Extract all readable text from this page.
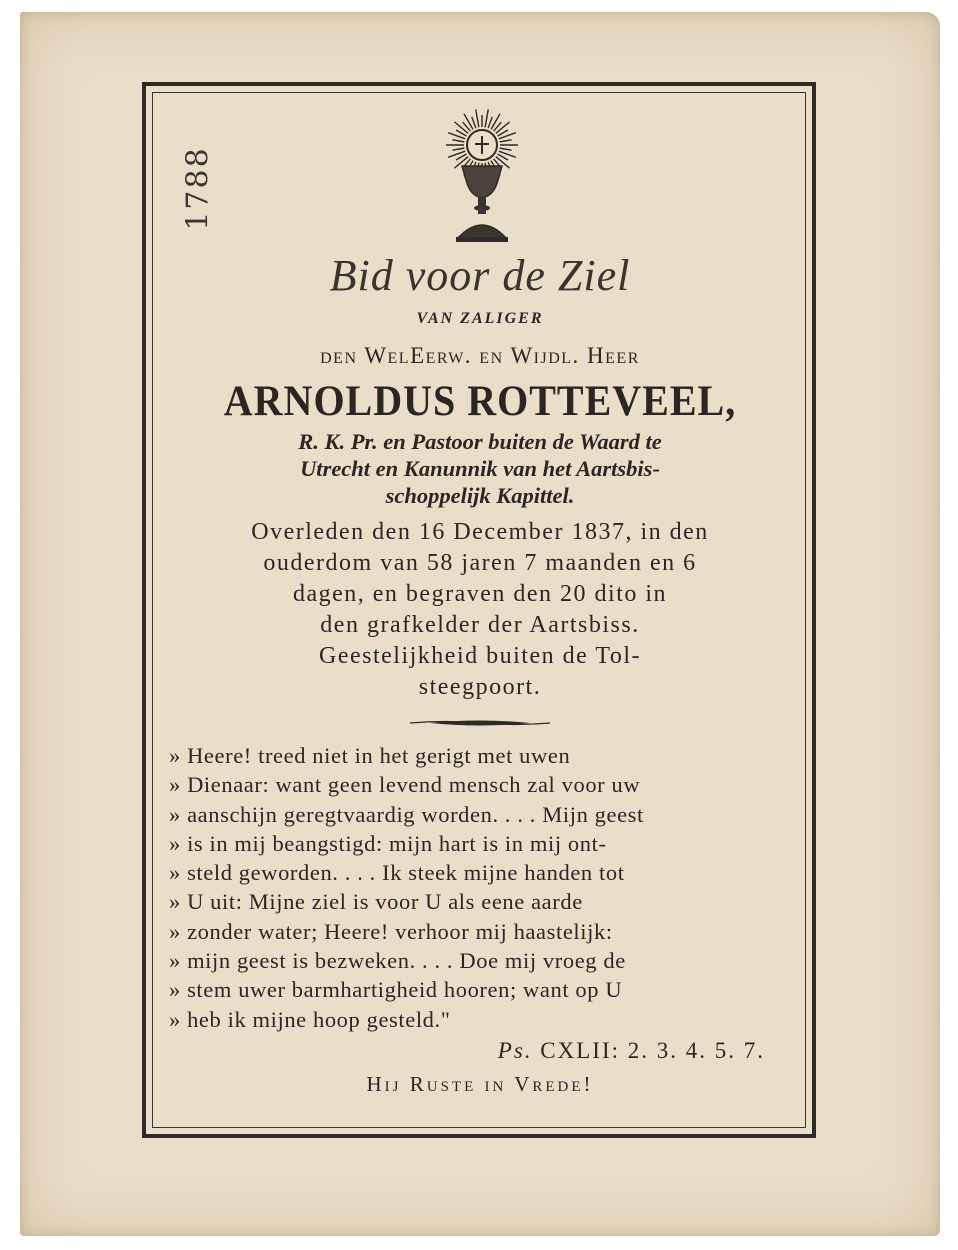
1788
Bid voor de Ziel
VAN ZALIGER
den WelEerw. en Wijdl. Heer
ARNOLDUS ROTTEVEEL,
R. K. Pr. en Pastoor buiten de Waard te
Utrecht en Kanunnik van het Aartsbis-
schoppelijk Kapittel.
Overleden den 16 December 1837, in den
ouderdom van 58 jaren 7 maanden en 6
dagen, en begraven den 20 dito in
den grafkelder der Aartsbiss.
Geestelijkheid buiten de Tol-
steegpoort.
» Heere! treed niet in het gerigt met uwen
» Dienaar: want geen levend mensch zal voor uw
» aanschijn geregtvaardig worden. . . . Mijn geest
» is in mij beangstigd: mijn hart is in mij ont-
» steld geworden. . . . Ik steek mijne handen tot
» U uit: Mijne ziel is voor U als eene aarde
» zonder water; Heere! verhoor mij haastelijk:
» mijn geest is bezweken. . . . Doe mij vroeg de
» stem uwer barmhartigheid hooren; want op U
» heb ik mijne hoop gesteld."
Ps. CXLII: 2. 3. 4. 5. 7.
Hij Ruste in Vrede!
